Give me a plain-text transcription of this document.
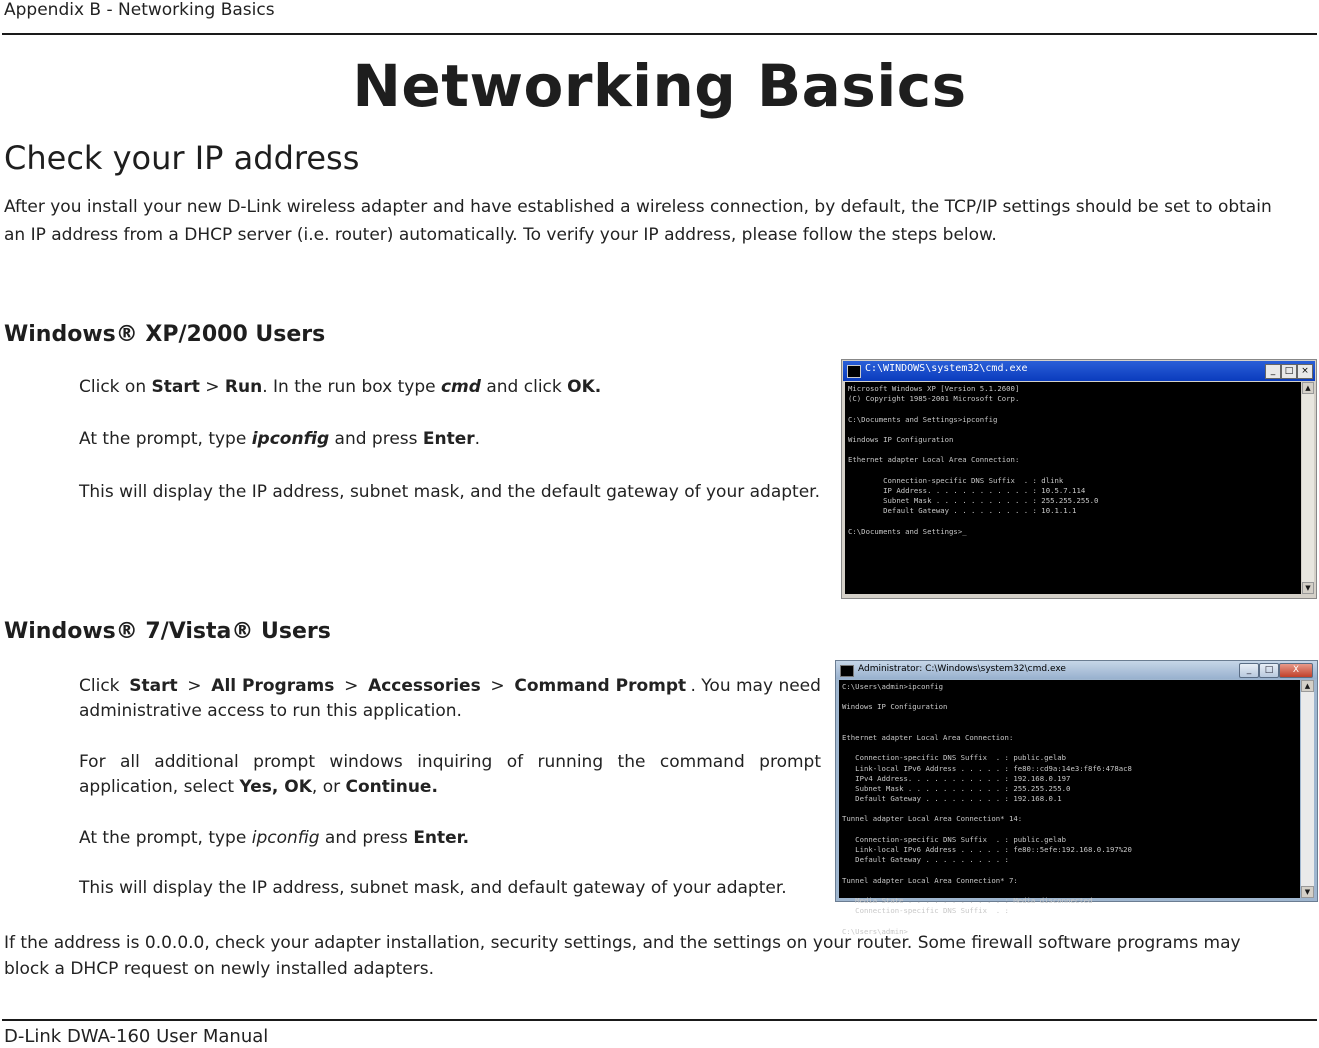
Appendix B - Networking Basics
Networking Basics
Check your IP address
After you install your new D-Link wireless adapter and have established a wireless connection, by default, the TCP/IP settings should be set to obtain
an IP address from a DHCP server (i.e. router) automatically. To verify your IP address, please follow the steps below.
Windows® XP/2000 Users
Click on Start > Run. In the run box type cmd and click OK.
At the prompt, type ipconfig and press Enter.
This will display the IP address, subnet mask, and the default gateway of your adapter.
C:\WINDOWS\system32\cmd.exe	_	□ ×
Microsoft Windows XP [Version 5.1.2600]
(C) Copyright 1985-2001 Microsoft Corp.
C:\Documents and Settings>ipconfig
Windows IP Configuration
Ethernet adapter Local Area Connection:
Connection-specific DNS Suffix  . : dlink
IP Address. . . . . . . . . . . . : 10.5.7.114
Subnet Mask . . . . . . . . . . . : 255.255.255.0
Default Gateway . . . . . . . . . : 10.1.1.1
C:\Documents and Settings>_
▲
▼
Windows® 7/Vista® Users
Click Start > All Programs > Accessories > Command Prompt . You may need
administrative access to run this application.
For all additional prompt windows inquiring of running the command prompt
application, select Yes, OK, or Continue.
At the prompt, type ipconfig and press Enter.
This will display the IP address, subnet mask, and default gateway of your adapter.
Administrator: C:\Windows\system32\cmd.exe	_	□	X
C:\Users\admin>ipconfig
Windows IP Configuration
Ethernet adapter Local Area Connection:
Connection-specific DNS Suffix  . : public.gelab
Link-local IPv6 Address . . . . . : fe80::cd9a:14e3:f8f6:478ac8
IPv4 Address. . . . . . . . . . . : 192.168.0.197
Subnet Mask . . . . . . . . . . . : 255.255.255.0
Default Gateway . . . . . . . . . : 192.168.0.1
Tunnel adapter Local Area Connection* 14:
Connection-specific DNS Suffix  . : public.gelab
Link-local IPv6 Address . . . . . : fe80::5efe:192.168.0.197%20
Default Gateway . . . . . . . . . :
Tunnel adapter Local Area Connection* 7:
Media State . . . . . . . . . . . : Media disconnected
Connection-specific DNS Suffix  . :
C:\Users\admin>
▲
▼
If the address is 0.0.0.0, check your adapter installation, security settings, and the settings on your router. Some firewall software programs may
block a DHCP request on newly installed adapters.
D-Link DWA-160 User Manual
